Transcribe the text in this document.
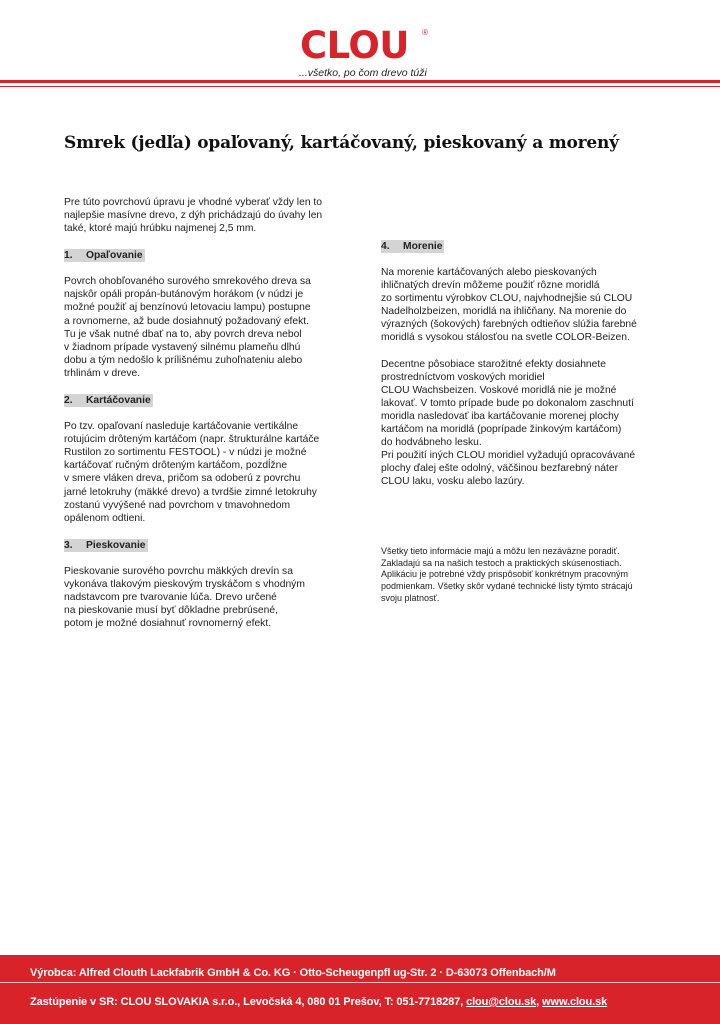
CLOU ®
...všetko, po čom drevo túži
Smrek (jedľa) opaľovaný, kartáčovaný, pieskovaný a morený
Pre túto povrchovú úpravu je vhodné vyberať vždy len to
najlepšie masívne drevo, z dýh prichádzajú do úvahy len
také, ktoré majú hrúbku najmenej 2,5 mm.
1. Opaľovanie
Povrch ohobľovaného surového smrekového dreva sa
najskôr opáli propán-butánovým horákom (v núdzi je
možné použiť aj benzínovú letovaciu lampu) postupne
a rovnomerne, až bude dosiahnutý požadovaný efekt.
Tu je však nutné dbať na to, aby povrch dreva nebol
v žiadnom prípade vystavený silnému plameňu dlhú
dobu a tým nedošlo k prílišnému zuhoľnateniu alebo
trhlinám v dreve.
2. Kartáčovanie
Po tzv. opaľovaní nasleduje kartáčovanie vertikálne
rotujúcim drôteným kartáčom (napr. štrukturálne kartáče
Rustilon zo sortimentu FESTOOL) - v núdzi je možné
kartáčovať ručným drôteným kartáčom, pozdĺžne
v smere vláken dreva, pričom sa odoberú z povrchu
jarné letokruhy (mäkké drevo) a tvrdšie zimné letokruhy
zostanú vyvýšené nad povrchom v tmavohnedom
opálenom odtieni.
3. Pieskovanie
Pieskovanie surového povrchu mäkkých drevín sa
vykonáva tlakovým pieskovým tryskáčom s vhodným
nadstavcom pre tvarovanie lúča. Drevo určené
na pieskovanie musí byť dôkladne prebrúsené,
potom je možné dosiahnuť rovnomerný efekt.
4. Morenie
Na morenie kartáčovaných alebo pieskovaných
ihličnatých drevín môžeme použiť rôzne moridlá
zo sortimentu výrobkov CLOU, najvhodnejšie sú CLOU
Nadelholzbeizen, moridlá na ihličňany. Na morenie do
výrazných (šokových) farebných odtieňov slúžia farebné
moridlá s vysokou stálosťou na svetle COLOR-Beizen.
Decentne pôsobiace starožitné efekty dosiahnete
prostredníctvom voskových moridiel
CLOU Wachsbeizen. Voskové moridlá nie je možné
lakovať. V tomto prípade bude po dokonalom zaschnutí
moridla nasledovať iba kartáčovanie morenej plochy
kartáčom na moridlá (poprípade žinkovým kartáčom)
do hodvábneho lesku.
Pri použití iných CLOU moridiel vyžadujú opracovávané
plochy ďalej ešte odolný, väčšinou bezfarebný náter
CLOU laku, vosku alebo lazúry.
Všetky tieto informácie majú a môžu len nezáväzne poradiť.
Zakladajú sa na našich testoch a praktických skúsenostiach.
Aplikáciu je potrebné vždy prispôsobiť konkrétnym pracovným
podmienkam. Všetky skôr vydané technické listy týmto strácajú
svoju platnosť.
Výrobca: Alfred Clouth Lackfabrik GmbH & Co. KG · Otto-Scheugenpfl ug-Str. 2 · D-63073 Offenbach/M
Zastúpenie v SR: CLOU SLOVAKIA s.r.o., Levočská 4, 080 01 Prešov, T: 051-7718287, clou@clou.sk, www.clou.sk
